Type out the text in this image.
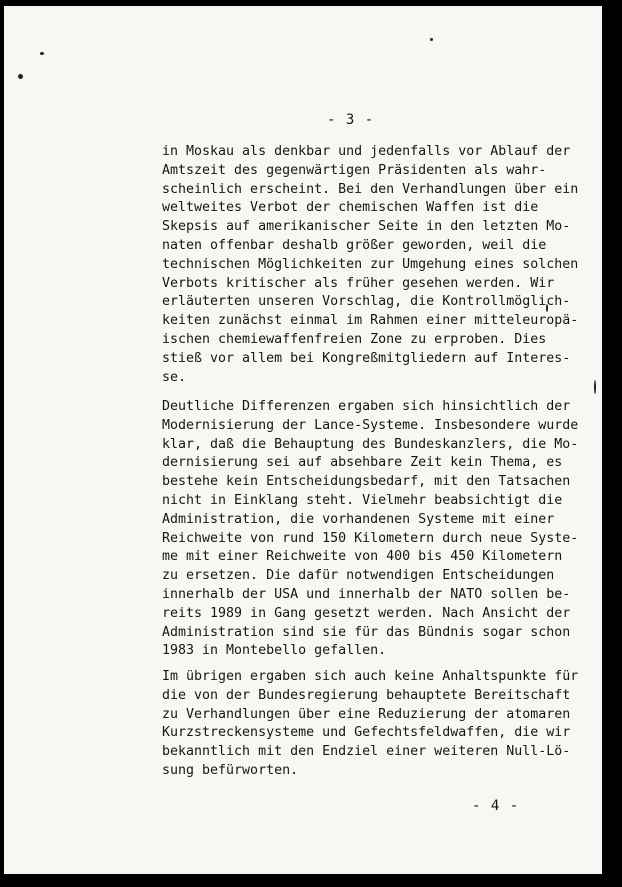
- 3 -
in Moskau als denkbar und jedenfalls vor Ablauf der
Amtszeit des gegenwärtigen Präsidenten als wahr-
scheinlich erscheint. Bei den Verhandlungen über ein
weltweites Verbot der chemischen Waffen ist die
Skepsis auf amerikanischer Seite in den letzten Mo-
naten offenbar deshalb größer geworden, weil die
technischen Möglichkeiten zur Umgehung eines solchen
Verbots kritischer als früher gesehen werden. Wir
erläuterten unseren Vorschlag, die Kontrollmöglich-
keiten zunächst einmal im Rahmen einer mitteleuropä-
ischen chemiewaffenfreien Zone zu erproben. Dies
stieß vor allem bei Kongreßmitgliedern auf Interes-
se.
Deutliche Differenzen ergaben sich hinsichtlich der
Modernisierung der Lance-Systeme. Insbesondere wurde
klar, daß die Behauptung des Bundeskanzlers, die Mo-
dernisierung sei auf absehbare Zeit kein Thema, es
bestehe kein Entscheidungsbedarf, mit den Tatsachen
nicht in Einklang steht. Vielmehr beabsichtigt die
Administration, die vorhandenen Systeme mit einer
Reichweite von rund 150 Kilometern durch neue Syste-
me mit einer Reichweite von 400 bis 450 Kilometern
zu ersetzen. Die dafür notwendigen Entscheidungen
innerhalb der USA und innerhalb der NATO sollen be-
reits 1989 in Gang gesetzt werden. Nach Ansicht der
Administration sind sie für das Bündnis sogar schon
1983 in Montebello gefallen.
Im übrigen ergaben sich auch keine Anhaltspunkte für
die von der Bundesregierung behauptete Bereitschaft
zu Verhandlungen über eine Reduzierung der atomaren
Kurzstreckensysteme und Gefechtsfeldwaffen, die wir
bekanntlich mit den Endziel einer weiteren Null-Lö-
sung befürworten.
- 4 -
